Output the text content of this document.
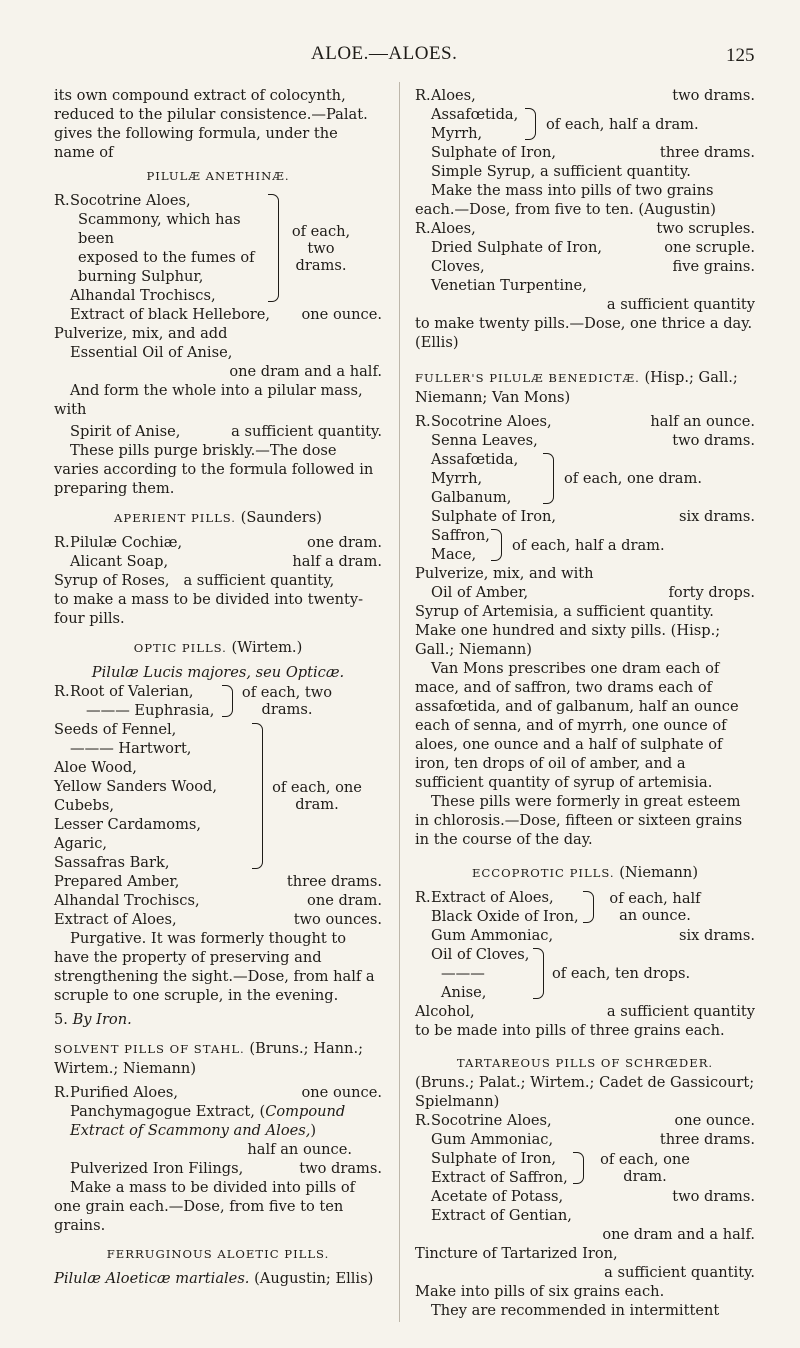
ALOE.—ALOES.	125

its own compound extract of colocynth, reduced to the pilular consistence.—Palat. gives the following formula, under the name of

PILULÆ ANETHINÆ.

R. Socotrine Aloes,

Scammony, which has been

exposed to the fumes of

burning Sulphur,

Alhandal Trochiscs,

of each, two drams.
Extract of black Hellebore, one ounce.

Pulverize, mix, and add

Essential Oil of Anise,

one dram and a half.

And form the whole into a pilular mass, with

Spirit of Anise,	a sufficient quantity.

These pills purge briskly.—The dose varies according to the formula followed in preparing them.

APERIENT PILLS. (Saunders)

R. Pilulæ Cochiæ,	one dram.
Alicant Soap,	half a dram.
Syrup of Roses, a sufficient quantity,

to make a mass to be divided into twenty-four pills.

OPTIC PILLS. (Wirtem.)

Pilulæ Lucis majores, seu Opticæ.

R. Root of Valerian,

——— Euphrasia,

of each, two drams.

Seeds of Fennel,

——— Hartwort,

Aloe Wood,

Yellow Sanders Wood,

Cubebs,

Lesser Cardamoms,

Agaric,

Sassafras Bark,

of each, one dram.
Prepared Amber,	three drams.
Alhandal Trochiscs,	one dram.
Extract of Aloes,	two ounces.

Purgative. It was formerly thought to have the property of preserving and strengthening the sight.—Dose, from half a scruple to one scruple, in the evening.

5. By Iron.

SOLVENT PILLS OF STAHL. (Bruns.; Hann.; Wirtem.; Niemann)

R. Purified Aloes,	one ounce.

Panchymagogue Extract, (Compound Extract of Scammony and Aloes,)

half an ounce.

Pulverized Iron Filings,	two drams.

Make a mass to be divided into pills of one grain each.—Dose, from five to ten grains.

FERRUGINOUS ALOETIC PILLS.

Pilulæ Aloeticæ martiales. (Augustin; Ellis)

R. Aloes,	two drams.

Assafœtida,

Myrrh,

of each, half a dram.
Sulphate of Iron,	three drams.

Simple Syrup, a sufficient quantity.

Make the mass into pills of two grains each.—Dose, from five to ten. (Augustin)

R. Aloes,	two scruples.
Dried Sulphate of Iron,	one scruple.
Cloves,	five grains.

Venetian Turpentine,

a sufficient quantity

to make twenty pills.—Dose, one thrice a day. (Ellis)

FULLER'S PILULÆ BENEDICTÆ. (Hisp.; Gall.; Niemann; Van Mons)

R. Socotrine Aloes,	half an ounce.
Senna Leaves,	two drams.

Assafœtida,

Myrrh,

Galbanum,

of each, one dram.
Sulphate of Iron,	six drams.

Saffron,

Mace,

of each, half a dram.

Pulverize, mix, and with

Oil of Amber,	forty drops.

Syrup of Artemisia, a sufficient quantity.

Make one hundred and sixty pills. (Hisp.; Gall.; Niemann)

Van Mons prescribes one dram each of mace, and of saffron, two drams each of assafœtida, and of galbanum, half an ounce each of senna, and of myrrh, one ounce of aloes, one ounce and a half of sulphate of iron, ten drops of oil of amber, and a sufficient quantity of syrup of artemisia.

These pills were formerly in great esteem in chlorosis.—Dose, fifteen or sixteen grains in the course of the day.

ECCOPROTIC PILLS. (Niemann)

R. Extract of Aloes,

Black Oxide of Iron,

of each, half an ounce.
Gum Ammoniac,	six drams.

Oil of Cloves,

——— Anise,

of each, ten drops.
Alcohol,	a sufficient quantity

to be made into pills of three grains each.

TARTAREOUS PILLS OF SCHRŒDER.

(Bruns.; Palat.; Wirtem.; Cadet de Gassicourt; Spielmann)

R. Socotrine Aloes,	one ounce.
Gum Ammoniac,	three drams.

Sulphate of Iron,

Extract of Saffron,

of each, one dram.
Acetate of Potass,	two drams.

Extract of Gentian,

one dram and a half.

Tincture of Tartarized Iron,

a sufficient quantity.

Make into pills of six grains each.

They are recommended in intermittent
